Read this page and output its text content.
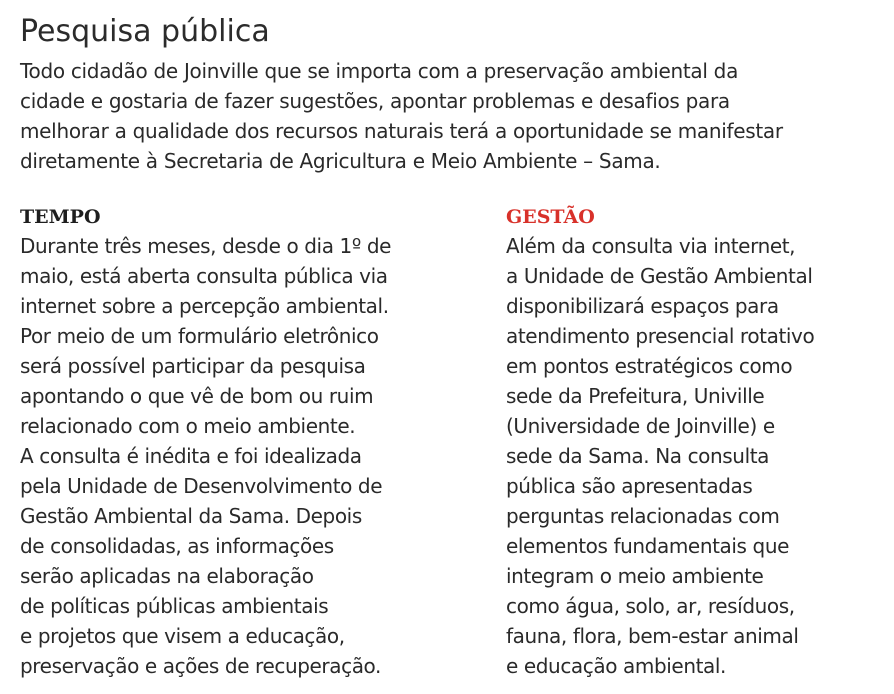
Pesquisa pública
Todo cidadão de Joinville que se importa com a preservação ambiental da
cidade e gostaria de fazer sugestões, apontar problemas e desafios para
melhorar a qualidade dos recursos naturais terá a oportunidade se manifestar
diretamente à Secretaria de Agricultura e Meio Ambiente – Sama.
TEMPO
Durante três meses, desde o dia 1º de
maio, está aberta consulta pública via
internet sobre a percepção ambiental.
Por meio de um formulário eletrônico
será possível participar da pesquisa
apontando o que vê de bom ou ruim
relacionado com o meio ambiente.
A consulta é inédita e foi idealizada
pela Unidade de Desenvolvimento de
Gestão Ambiental da Sama. Depois
de consolidadas, as informações
serão aplicadas na elaboração
de políticas públicas ambientais
e projetos que visem a educação,
preservação e ações de recuperação.
GESTÃO
Além da consulta via internet,
a Unidade de Gestão Ambiental
disponibilizará espaços para
atendimento presencial rotativo
em pontos estratégicos como
sede da Prefeitura, Univille
(Universidade de Joinville) e
sede da Sama. Na consulta
pública são apresentadas
perguntas relacionadas com
elementos fundamentais que
integram o meio ambiente
como água, solo, ar, resíduos,
fauna, flora, bem-estar animal
e educação ambiental.
